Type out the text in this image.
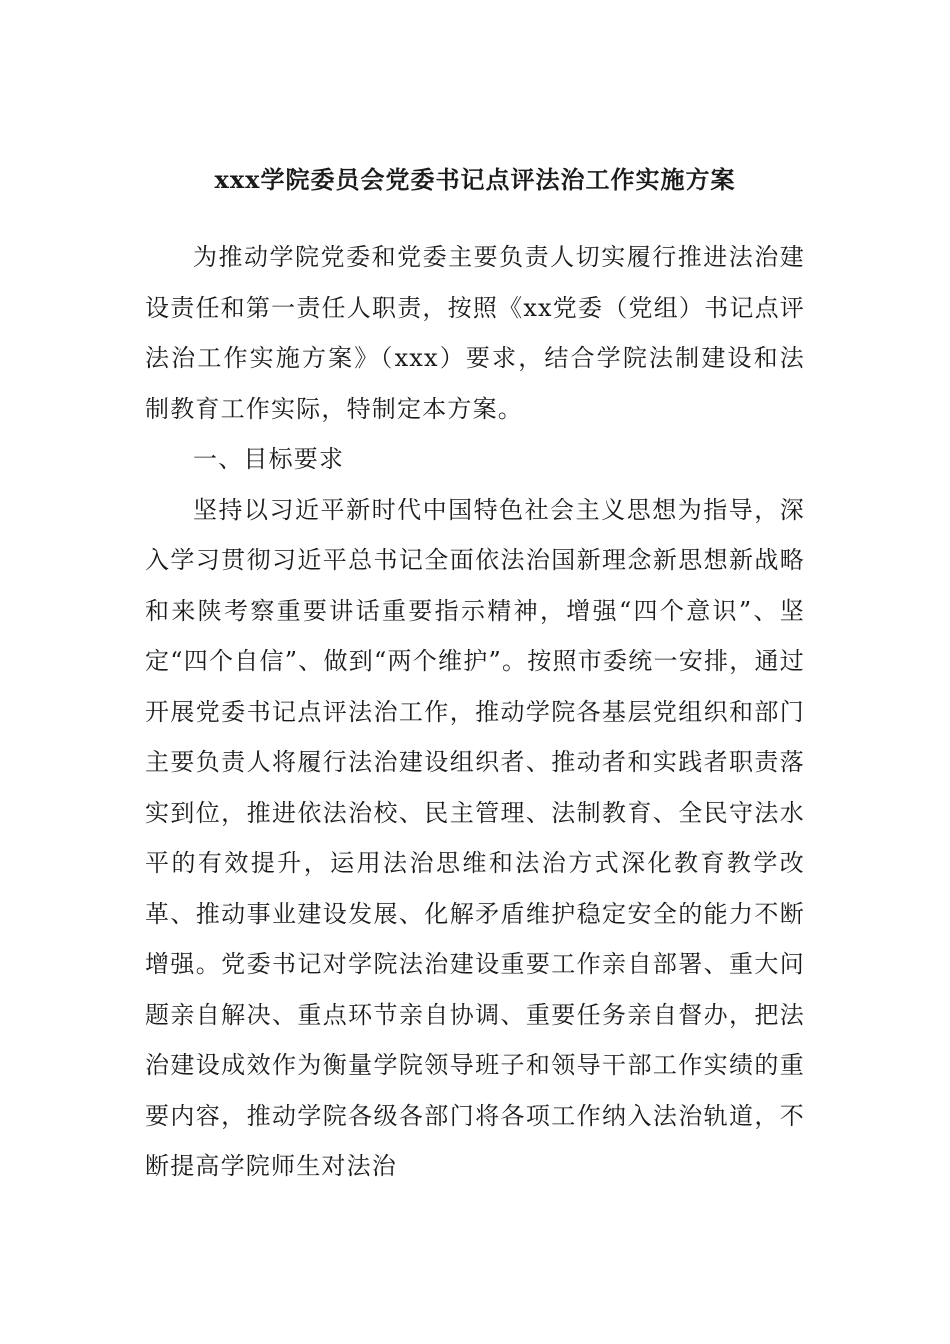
xxx学院委员会党委书记点评法治工作实施方案

为推动学院党委和党委主要负责人切实履行推进法治建设责任和第一责任人职责，按照《xx党委（党组）书记点评法治工作实施方案》（xxx）要求，结合学院法制建设和法制教育工作实际，特制定本方案。

一、目标要求

坚持以习近平新时代中国特色社会主义思想为指导，深入学习贯彻习近平总书记全面依法治国新理念新思想新战略和来陕考察重要讲话重要指示精神，增强“四个意识”、坚定“四个自信”、做到“两个维护”。按照市委统一安排，通过开展党委书记点评法治工作，推动学院各基层党组织和部门主要负责人将履行法治建设组织者、推动者和实践者职责落实到位，推进依法治校、民主管理、法制教育、全民守法水平的有效提升，运用法治思维和法治方式深化教育教学改革、推动事业建设发展、化解矛盾维护稳定安全的能力不断增强。党委书记对学院法治建设重要工作亲自部署、重大问题亲自解决、重点环节亲自协调、重要任务亲自督办，把法治建设成效作为衡量学院领导班子和领导干部工作实绩的重要内容，推动学院各级各部门将各项工作纳入法治轨道，不断提高学院师生对法治
